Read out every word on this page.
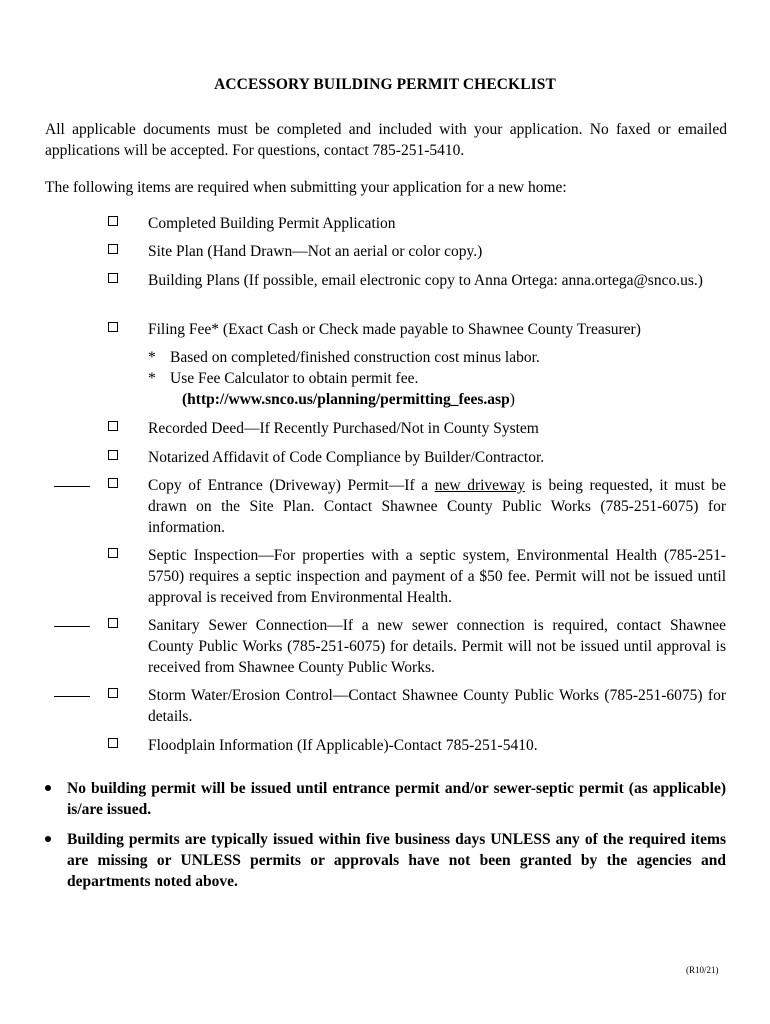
ACCESSORY BUILDING PERMIT CHECKLIST
All applicable documents must be completed and included with your application. No faxed or emailed applications will be accepted. For questions, contact 785-251-5410.
The following items are required when submitting your application for a new home:
Completed Building Permit Application
Site Plan (Hand Drawn—Not an aerial or color copy.)
Building Plans (If possible, email electronic copy to Anna Ortega: anna.ortega@snco.us.)
Filing Fee* (Exact Cash or Check made payable to Shawnee County Treasurer)
* Based on completed/finished construction cost minus labor.
* Use Fee Calculator to obtain permit fee.
(http://www.snco.us/planning/permitting_fees.asp)
Recorded Deed—If Recently Purchased/Not in County System
Notarized Affidavit of Code Compliance by Builder/Contractor.
Copy of Entrance (Driveway) Permit—If a new driveway is being requested, it must be drawn on the Site Plan. Contact Shawnee County Public Works (785-251-6075) for information.
Septic Inspection—For properties with a septic system, Environmental Health (785-251-5750) requires a septic inspection and payment of a $50 fee. Permit will not be issued until approval is received from Environmental Health.
Sanitary Sewer Connection—If a new sewer connection is required, contact Shawnee County Public Works (785-251-6075) for details. Permit will not be issued until approval is received from Shawnee County Public Works.
Storm Water/Erosion Control—Contact Shawnee County Public Works (785-251-6075) for details.
Floodplain Information (If Applicable)-Contact 785-251-5410.
No building permit will be issued until entrance permit and/or sewer-septic permit (as applicable) is/are issued.
Building permits are typically issued within five business days UNLESS any of the required items are missing or UNLESS permits or approvals have not been granted by the agencies and departments noted above.
(R10/21)
